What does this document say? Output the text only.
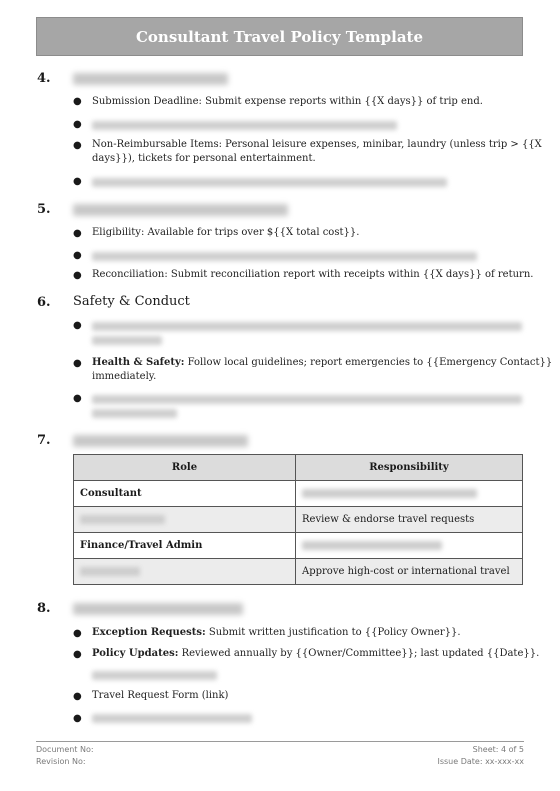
Consultant Travel Policy Template
4.
● Submission Deadline: Submit expense reports within {{X days}} of trip end.
●
● Non-Reimbursable Items: Personal leisure expenses, minibar, laundry (unless trip > {{X
days}}), tickets for personal entertainment.
●
5.
● Eligibility: Available for trips over ${{X total cost}}.
●
● Reconciliation: Submit reconciliation report with receipts within {{X days}} of return.
6. Safety & Conduct
●
● Health & Safety: Follow local guidelines; report emergencies to {{Emergency Contact}}
immediately.
●
7.
Role	Responsibility
Consultant	
	Review & endorse travel requests
Finance/Travel Admin	
	Approve high-cost or international travel
8.
● Exception Requests: Submit written justification to {{Policy Owner}}.
● Policy Updates: Reviewed annually by {{Owner/Committee}}; last updated {{Date}}.
● Travel Request Form (link)
●
Document No:
Revision No:
Sheet: 4 of 5
Issue Date: xx-xxx-xx
